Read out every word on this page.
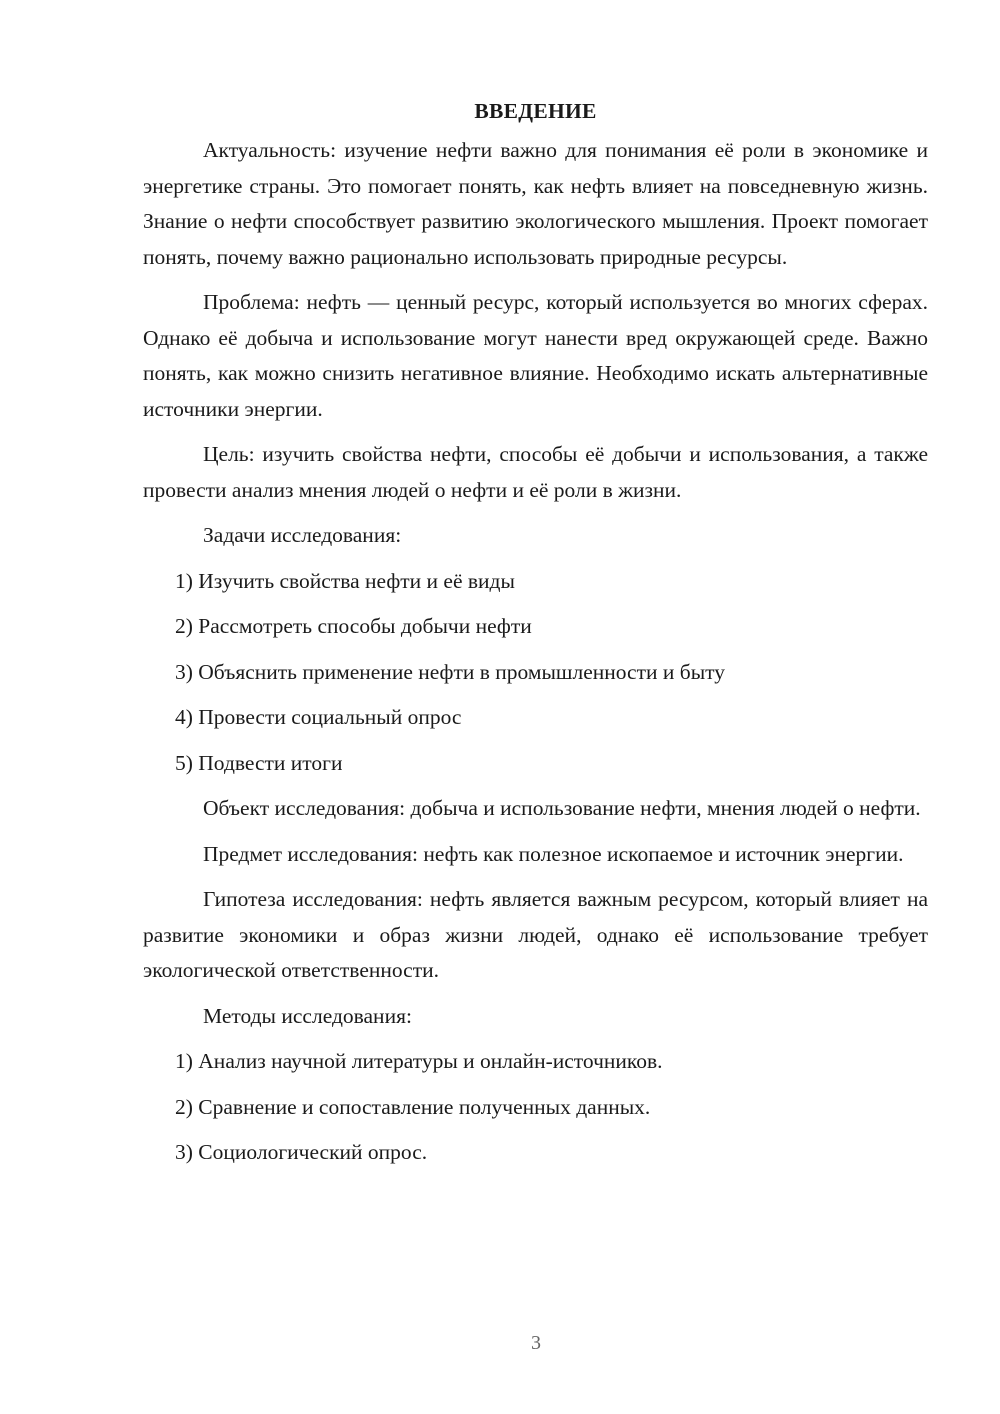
ВВЕДЕНИЕ

Актуальность: изучение нефти важно для понимания её роли в экономике и энергетике страны. Это помогает понять, как нефть влияет на повседневную жизнь. Знание о нефти способствует развитию экологического мышления. Проект помогает понять, почему важно рационально использовать природные ресурсы.

Проблема: нефть — ценный ресурс, который используется во многих сферах. Однако её добыча и использование могут нанести вред окружающей среде. Важно понять, как можно снизить негативное влияние. Необходимо искать альтернативные источники энергии.

Цель: изучить свойства нефти, способы её добычи и использования, а также провести анализ мнения людей о нефти и её роли в жизни.

Задачи исследования:

1) Изучить свойства нефти и её виды
2) Рассмотреть способы добычи нефти
3) Объяснить применение нефти в промышленности и быту
4) Провести социальный опрос
5) Подвести итоги

Объект исследования: добыча и использование нефти, мнения людей о нефти.

Предмет исследования: нефть как полезное ископаемое и источник энергии.

Гипотеза исследования: нефть является важным ресурсом, который влияет на развитие экономики и образ жизни людей, однако её использование требует экологической ответственности.

Методы исследования:

1) Анализ научной литературы и онлайн-источников.
2) Сравнение и сопоставление полученных данных.
3) Социологический опрос.
3
